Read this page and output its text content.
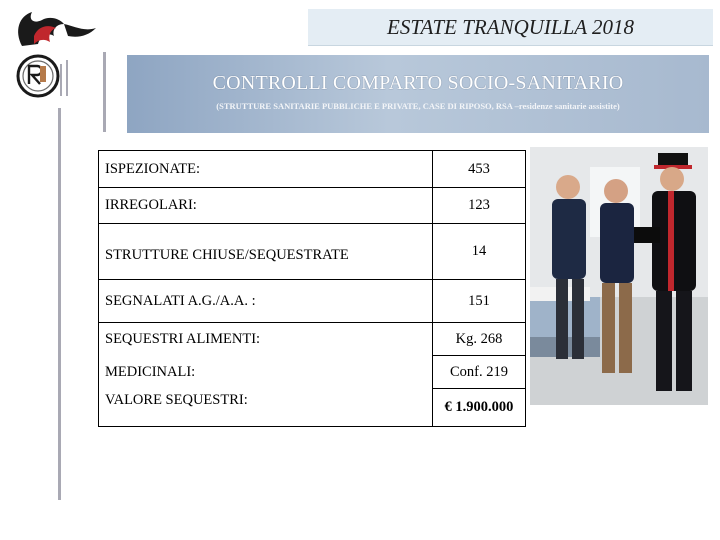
ESTATE TRANQUILLA 2018
CONTROLLI COMPARTO SOCIO-SANITARIO
(STRUTTURE SANITARIE PUBBLICHE E PRIVATE, CASE DI RIPOSO, RSA –residenze sanitarie assistite)
ISPEZIONATE:	453
IRREGOLARI:	123
STRUTTURE CHIUSE/SEQUESTRATE	14
SEGNALATI A.G./A.A. :	151
SEQUESTRI ALIMENTI:	Kg. 268
MEDICINALI:	Conf. 219
VALORE SEQUESTRI:	€ 1.900.000
